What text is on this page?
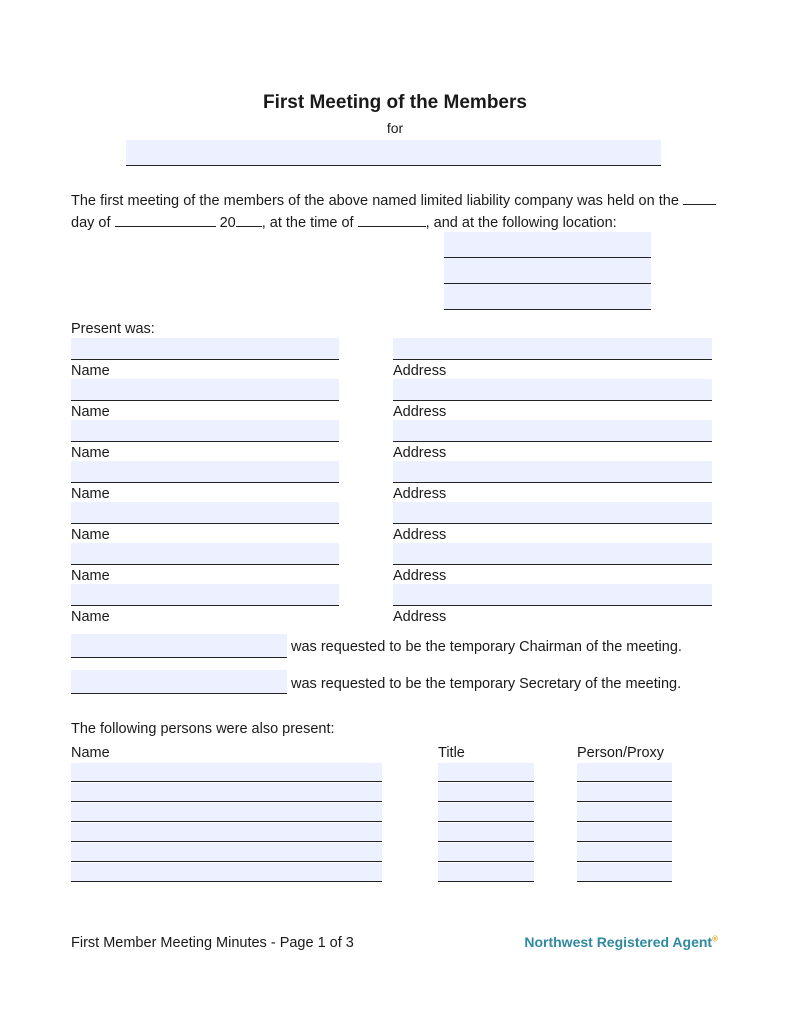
First Meeting of the Members
for
The first meeting of the members of the above named limited liability company was held on the  day of	20 , at the time of	, and at the following location:
Present was:
Name	Address
Name	Address
Name	Address
Name	Address
Name	Address
Name	Address
Name	Address
was requested to be the temporary Chairman of the meeting.
was requested to be the temporary Secretary of the meeting.
The following persons were also present:
Name	Title	Person/Proxy
First Member Meeting Minutes - Page 1 of 3	Northwest Registered Agent®
